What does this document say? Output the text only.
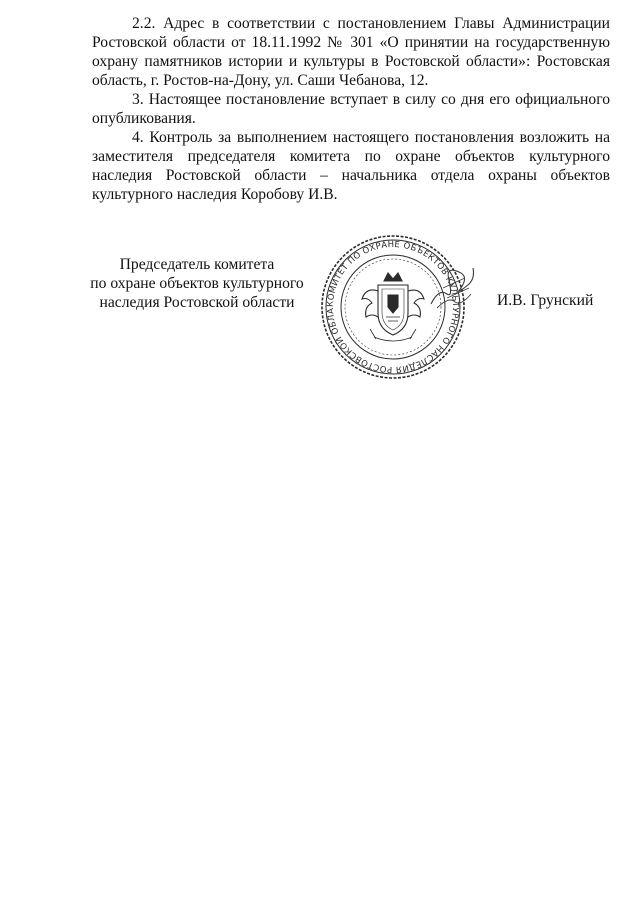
2.2. Адрес в соответствии с постановлением Главы Администрации Ростовской области от 18.11.1992 № 301 «О принятии на государственную охрану памятников истории и культуры в Ростовской области»: Ростовская область, г. Ростов-на-Дону, ул. Саши Чебанова, 12.

3. Настоящее постановление вступает в силу со дня его официального опубликования.

4. Контроль за выполнением настоящего постановления возложить на заместителя председателя комитета по охране объектов культурного наследия Ростовской области – начальника отдела охраны объектов культурного наследия Коробову И.В.

Председатель комитета
по охране объектов культурного
наследия Ростовской области	КОМИТЕТ ПО ОХРАНЕ ОБЪЕКТОВ КУЛЬТУРНОГО НАСЛЕДИЯ РОСТОВСКОЙ ОБЛА
И.В. Грунский
